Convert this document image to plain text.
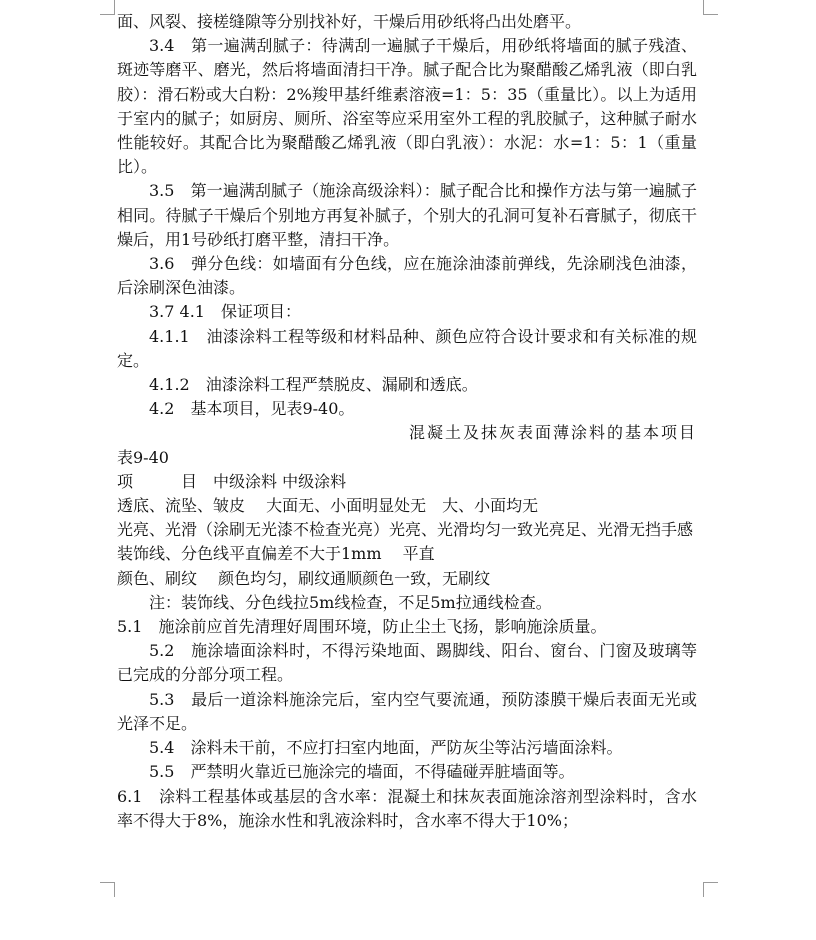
面、风裂、接槎缝隙等分别找补好，干燥后用砂纸将凸出处磨平。

3.4　第一遍满刮腻子：待满刮一遍腻子干燥后，用砂纸将墙面的腻子残渣、斑迹等磨平、磨光，然后将墙面清扫干净。腻子配合比为聚醋酸乙烯乳液（即白乳胶）：滑石粉或大白粉：2%羧甲基纤维素溶液=1：5：35（重量比）。以上为适用于室内的腻子；如厨房、厕所、浴室等应采用室外工程的乳胶腻子，这种腻子耐水性能较好。其配合比为聚醋酸乙烯乳液（即白乳液）：水泥：水=1：5：1（重量比）。

3.5　第一遍满刮腻子（施涂高级涂料）：腻子配合比和操作方法与第一遍腻子相同。待腻子干燥后个别地方再复补腻子，个别大的孔洞可复补石膏腻子，彻底干燥后，用1号砂纸打磨平整，清扫干净。

3.6　弹分色线：如墙面有分色线，应在施涂油漆前弹线，先涂刷浅色油漆，后涂刷深色油漆。

3.7 4.1　保证项目：

4.1.1　油漆涂料工程等级和材料品种、颜色应符合设计要求和有关标准的规定。

4.1.2　油漆涂料工程严禁脱皮、漏刷和透底。

4.2　基本项目，见表9-40。

混凝土及抹灰表面薄涂料的基本项目

表9-40

项　　　目　中级涂料 中级涂料

透底、流坠、皱皮　 大面无、小面明显处无　大、小面均无

光亮、光滑（涂刷无光漆不检查光亮）光亮、光滑均匀一致光亮足、光滑无挡手感

装饰线、分色线平直偏差不大于1mm　 平直

颜色、刷纹　 颜色均匀，刷纹通顺颜色一致，无刷纹

注：装饰线、分色线拉5m线检查，不足5m拉通线检查。

5.1　施涂前应首先清理好周围环境，防止尘土飞扬，影响施涂质量。

5.2　施涂墙面涂料时，不得污染地面、踢脚线、阳台、窗台、门窗及玻璃等已完成的分部分项工程。

5.3　最后一道涂料施涂完后，室内空气要流通，预防漆膜干燥后表面无光或光泽不足。

5.4　涂料未干前，不应打扫室内地面，严防灰尘等沾污墙面涂料。

5.5　严禁明火靠近已施涂完的墙面，不得磕碰弄脏墙面等。

6.1　涂料工程基体或基层的含水率：混凝土和抹灰表面施涂溶剂型涂料时，含水率不得大于8%，施涂水性和乳液涂料时，含水率不得大于10%；
